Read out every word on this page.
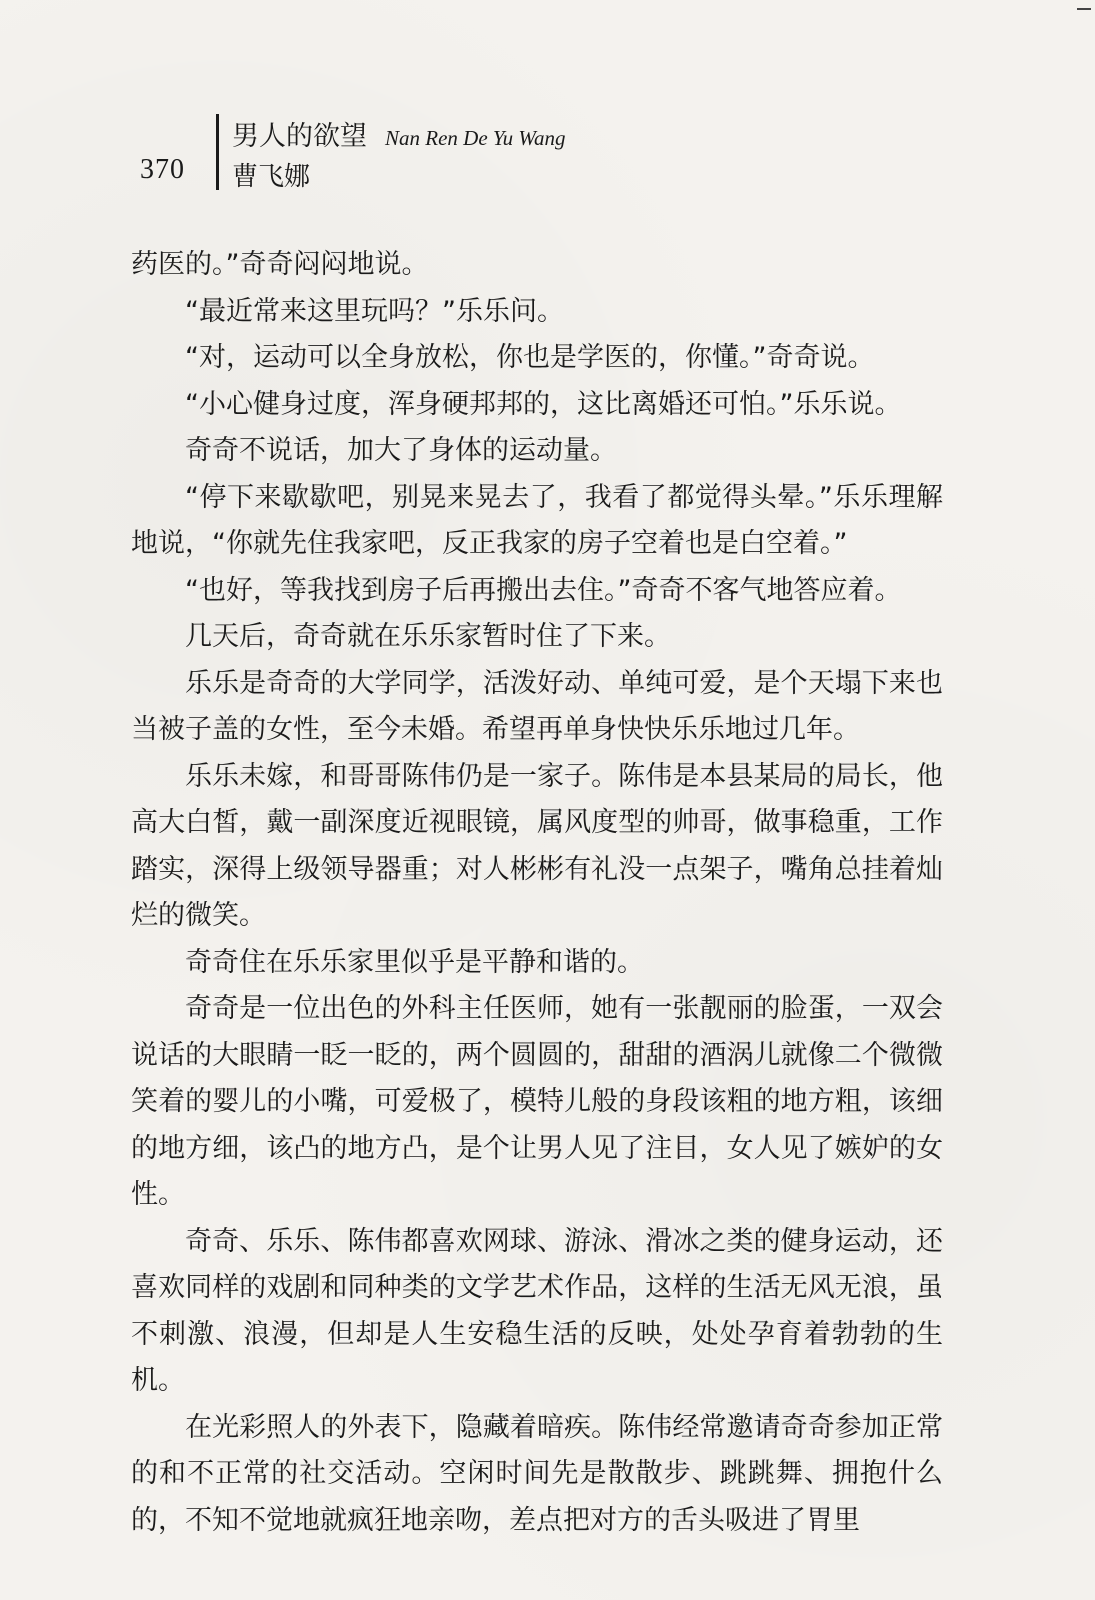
370
男人的欲望 Nan Ren De Yu Wang
曹飞娜

药医的。”奇奇闷闷地说。

“最近常来这里玩吗？”乐乐问。

“对，运动可以全身放松，你也是学医的，你懂。”奇奇说。

“小心健身过度，浑身硬邦邦的，这比离婚还可怕。”乐乐说。

奇奇不说话，加大了身体的运动量。

“停下来歇歇吧，别晃来晃去了，我看了都觉得头晕。”乐乐理解地说，“你就先住我家吧，反正我家的房子空着也是白空着。”

“也好，等我找到房子后再搬出去住。”奇奇不客气地答应着。

几天后，奇奇就在乐乐家暂时住了下来。

乐乐是奇奇的大学同学，活泼好动、单纯可爱，是个天塌下来也当被子盖的女性，至今未婚。希望再单身快快乐乐地过几年。

乐乐未嫁，和哥哥陈伟仍是一家子。陈伟是本县某局的局长，他高大白皙，戴一副深度近视眼镜，属风度型的帅哥，做事稳重，工作踏实，深得上级领导器重；对人彬彬有礼没一点架子，嘴角总挂着灿烂的微笑。

奇奇住在乐乐家里似乎是平静和谐的。

奇奇是一位出色的外科主任医师，她有一张靓丽的脸蛋，一双会说话的大眼睛一眨一眨的，两个圆圆的，甜甜的酒涡儿就像二个微微笑着的婴儿的小嘴，可爱极了，模特儿般的身段该粗的地方粗，该细的地方细，该凸的地方凸，是个让男人见了注目，女人见了嫉妒的女性。

奇奇、乐乐、陈伟都喜欢网球、游泳、滑冰之类的健身运动，还喜欢同样的戏剧和同种类的文学艺术作品，这样的生活无风无浪，虽不刺激、浪漫，但却是人生安稳生活的反映，处处孕育着勃勃的生机。

在光彩照人的外表下，隐藏着暗疾。陈伟经常邀请奇奇参加正常的和不正常的社交活动。空闲时间先是散散步、跳跳舞、拥抱什么的，不知不觉地就疯狂地亲吻，差点把对方的舌头吸进了胃里
